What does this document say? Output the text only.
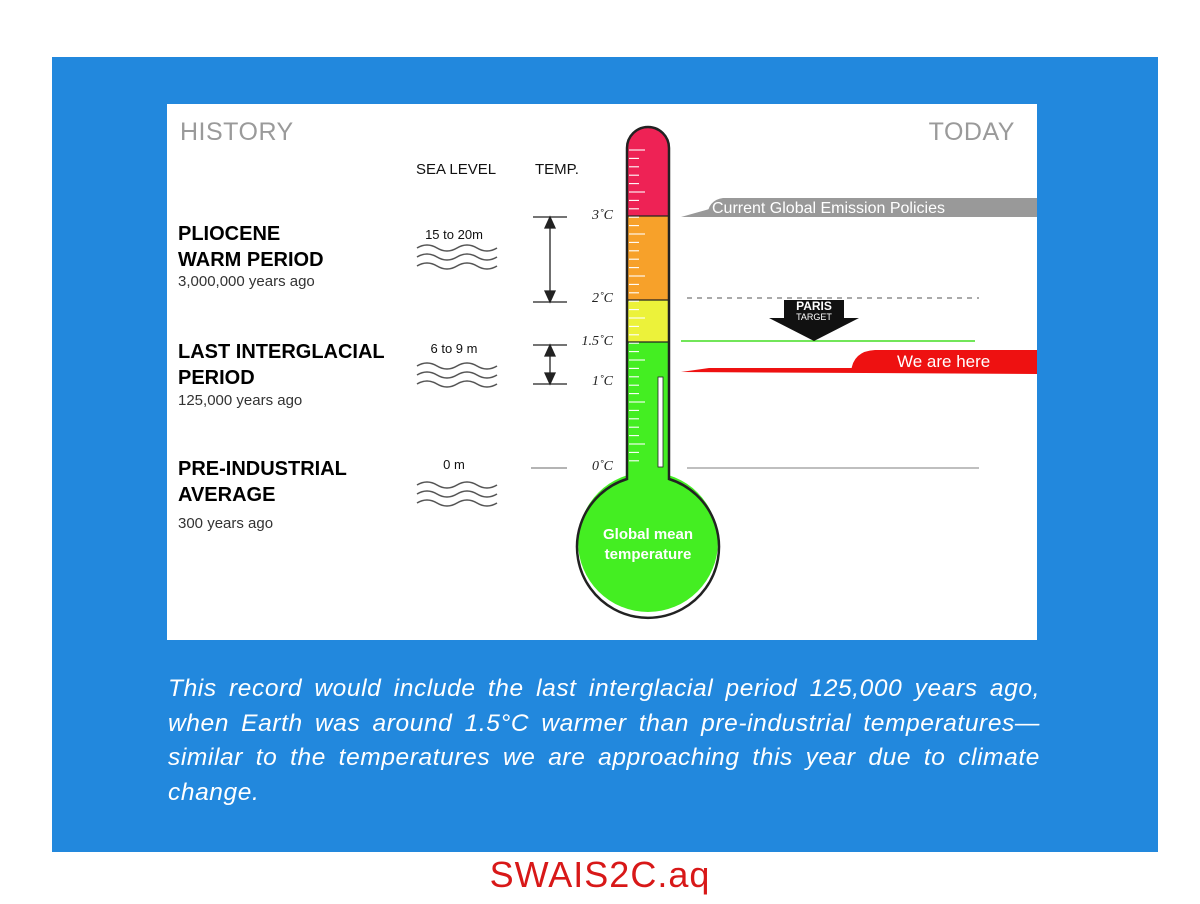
HISTORY	TODAY
SEA LEVEL	TEMP.
PLIOCENE
WARM PERIOD
3,000,000 years ago
15 to 20m
LAST INTERGLACIAL
PERIOD
125,000 years ago
6 to 9 m
PRE-INDUSTRIAL
AVERAGE
300 years ago
0 m
3˚C
2˚C
1.5˚C
1˚C
0˚C
Current Global Emission Policies
We are here
PARIS
TARGET
Global mean
temperature
This record would include the last interglacial period 125,000 years ago, when Earth was around 1.5°C warmer than pre-industrial temperatures—similar to the temperatures we are approaching this year due to climate change.
SWAIS2C.aq
